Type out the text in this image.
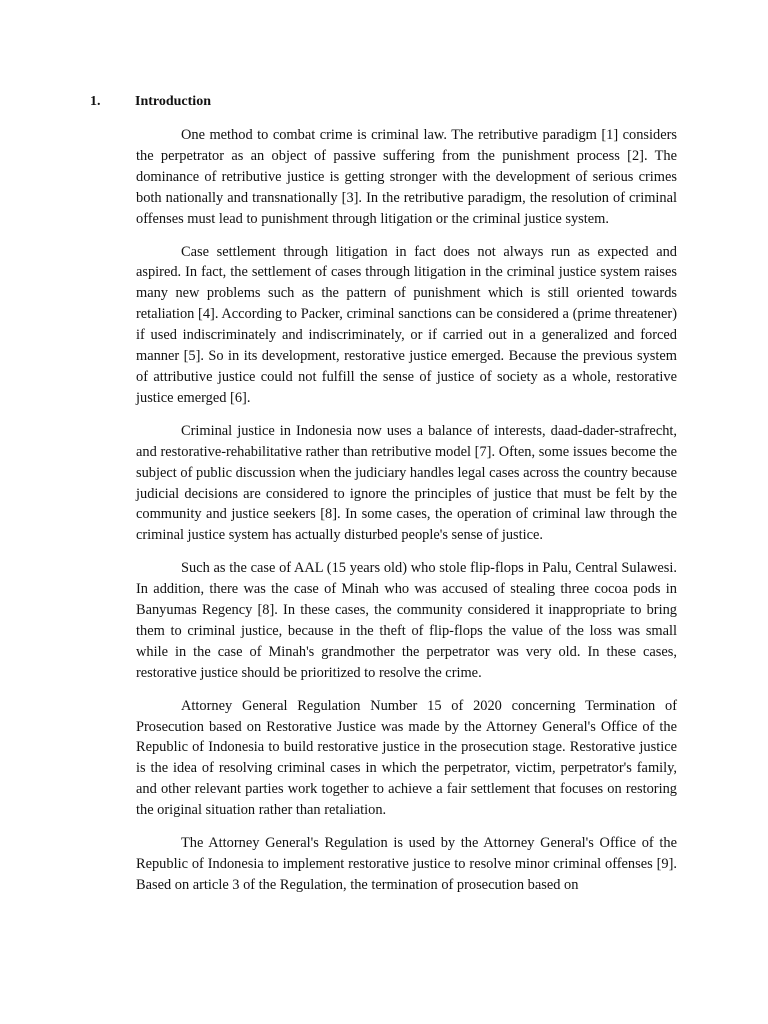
1. Introduction

One method to combat crime is criminal law. The retributive paradigm [1] considers the perpetrator as an object of passive suffering from the punishment process [2]. The dominance of retributive justice is getting stronger with the development of serious crimes both nationally and transnationally [3]. In the retributive paradigm, the resolution of criminal offenses must lead to punishment through litigation or the criminal justice system.

Case settlement through litigation in fact does not always run as expected and aspired. In fact, the settlement of cases through litigation in the criminal justice system raises many new problems such as the pattern of punishment which is still oriented towards retaliation [4]. According to Packer, criminal sanctions can be considered a (prime threatener) if used indiscriminately and indiscriminately, or if carried out in a generalized and forced manner [5]. So in its development, restorative justice emerged. Because the previous system of attributive justice could not fulfill the sense of justice of society as a whole, restorative justice emerged [6].

Criminal justice in Indonesia now uses a balance of interests, daad-dader-strafrecht, and restorative-rehabilitative rather than retributive model [7]. Often, some issues become the subject of public discussion when the judiciary handles legal cases across the country because judicial decisions are considered to ignore the principles of justice that must be felt by the community and justice seekers [8]. In some cases, the operation of criminal law through the criminal justice system has actually disturbed people's sense of justice.

Such as the case of AAL (15 years old) who stole flip-flops in Palu, Central Sulawesi. In addition, there was the case of Minah who was accused of stealing three cocoa pods in Banyumas Regency [8]. In these cases, the community considered it inappropriate to bring them to criminal justice, because in the theft of flip-flops the value of the loss was small while in the case of Minah's grandmother the perpetrator was very old. In these cases, restorative justice should be prioritized to resolve the crime.

Attorney General Regulation Number 15 of 2020 concerning Termination of Prosecution based on Restorative Justice was made by the Attorney General's Office of the Republic of Indonesia to build restorative justice in the prosecution stage. Restorative justice is the idea of resolving criminal cases in which the perpetrator, victim, perpetrator's family, and other relevant parties work together to achieve a fair settlement that focuses on restoring the original situation rather than retaliation.

The Attorney General's Regulation is used by the Attorney General's Office of the Republic of Indonesia to implement restorative justice to resolve minor criminal offenses [9]. Based on article 3 of the Regulation, the termination of prosecution based on
